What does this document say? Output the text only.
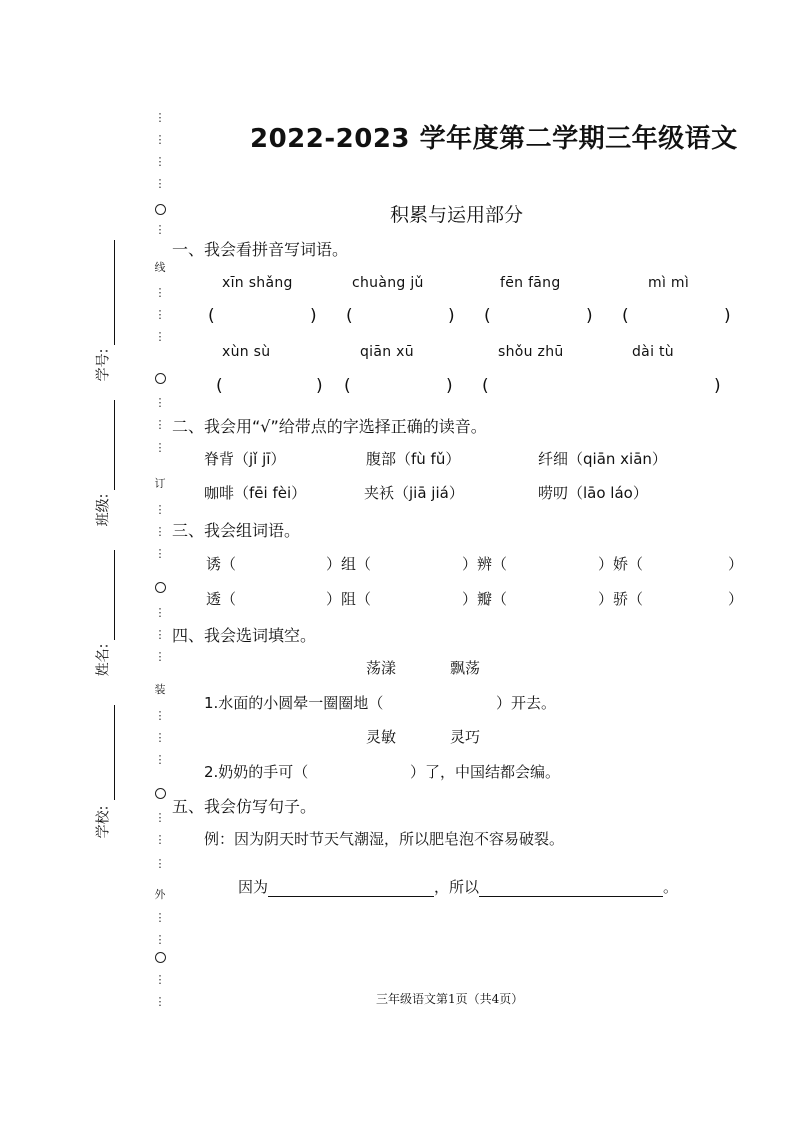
⋮
⋮
⋮
⋮
⋮
线
⋮
⋮
⋮
⋮
⋮
⋮
订
⋮
⋮
⋮
⋮
⋮
⋮
装
⋮
⋮
⋮
⋮
⋮
⋮
外
⋮
⋮
⋮
⋮
学号:
班级:
姓名:
学校:
2022-2023 学年度第二学期三年级语文
积累与运用部分
一、我会看拼音写词语。
xīn shǎng	chuàng jǔ	fēn fāng	mì mì
(	) (	) (	) (	)
xùn sù	qiān xū	shǒu zhū	dài tù
(	) (	) (	)
二、我会用“√”给带点的字选择正确的读音。
脊背（jǐ jī）	腹部（fù fǔ）	纤细（qiān xiān）
咖啡（fēi fèi）	夹袄（jiā jiá）	唠叨（lāo láo）
三、我会组词语。
诱（	）组（	）辨（	）娇（	）
透（	）阻（	）瓣（	）骄（	）
四、我会选词填空。
荡漾	飘荡
1.水面的小圆晕一圈圈地（	）开去。
灵敏	灵巧
2.奶奶的手可（	）了，中国结都会编。
五、我会仿写句子。
例：因为阴天时节天气潮湿，所以肥皂泡不容易破裂。
因为	，所以	。
三年级语文第1页（共4页）
